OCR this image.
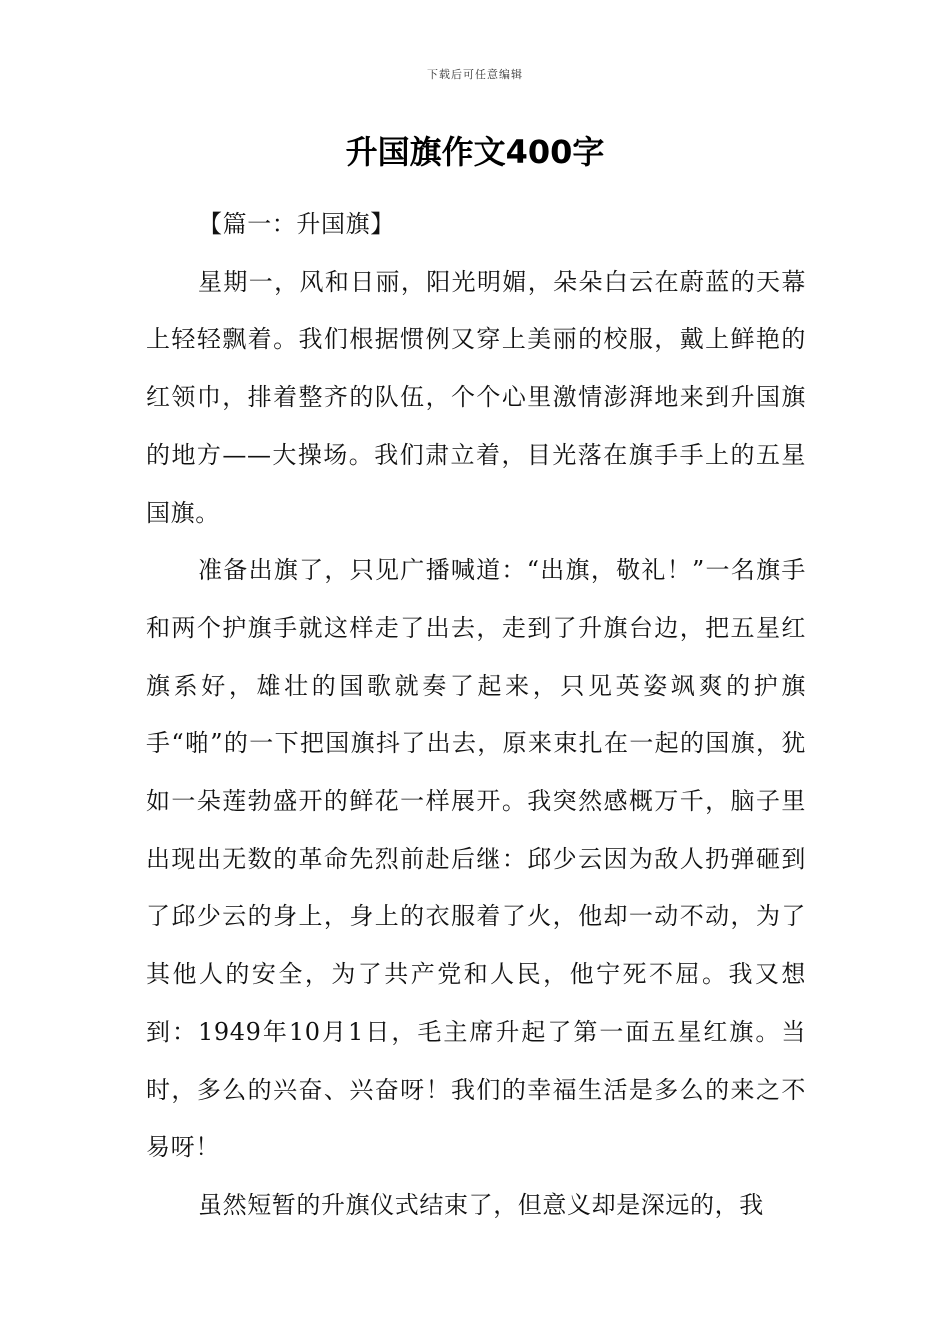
下载后可任意编辑
升国旗作文400字

【篇一：升国旗】

星期一，风和日丽，阳光明媚，朵朵白云在蔚蓝的天幕上轻轻飘着。我们根据惯例又穿上美丽的校服，戴上鲜艳的红领巾，排着整齐的队伍，个个心里激情澎湃地来到升国旗的地方——大操场。我们肃立着，目光落在旗手手上的五星国旗。

准备出旗了，只见广播喊道：“出旗，敬礼！”一名旗手和两个护旗手就这样走了出去，走到了升旗台边，把五星红旗系好，雄壮的国歌就奏了起来，只见英姿飒爽的护旗手“啪”的一下把国旗抖了出去，原来束扎在一起的国旗，犹如一朵莲勃盛开的鲜花一样展开。我突然感概万千，脑子里出现出无数的革命先烈前赴后继：邱少云因为敌人扔弹砸到了邱少云的身上，身上的衣服着了火，他却一动不动，为了其他人的安全，为了共产党和人民，他宁死不屈。我又想到：1949年10月1日，毛主席升起了第一面五星红旗。当时，多么的兴奋、兴奋呀！我们的幸福生活是多么的来之不易呀！

虽然短暂的升旗仪式结束了，但意义却是深远的，我
